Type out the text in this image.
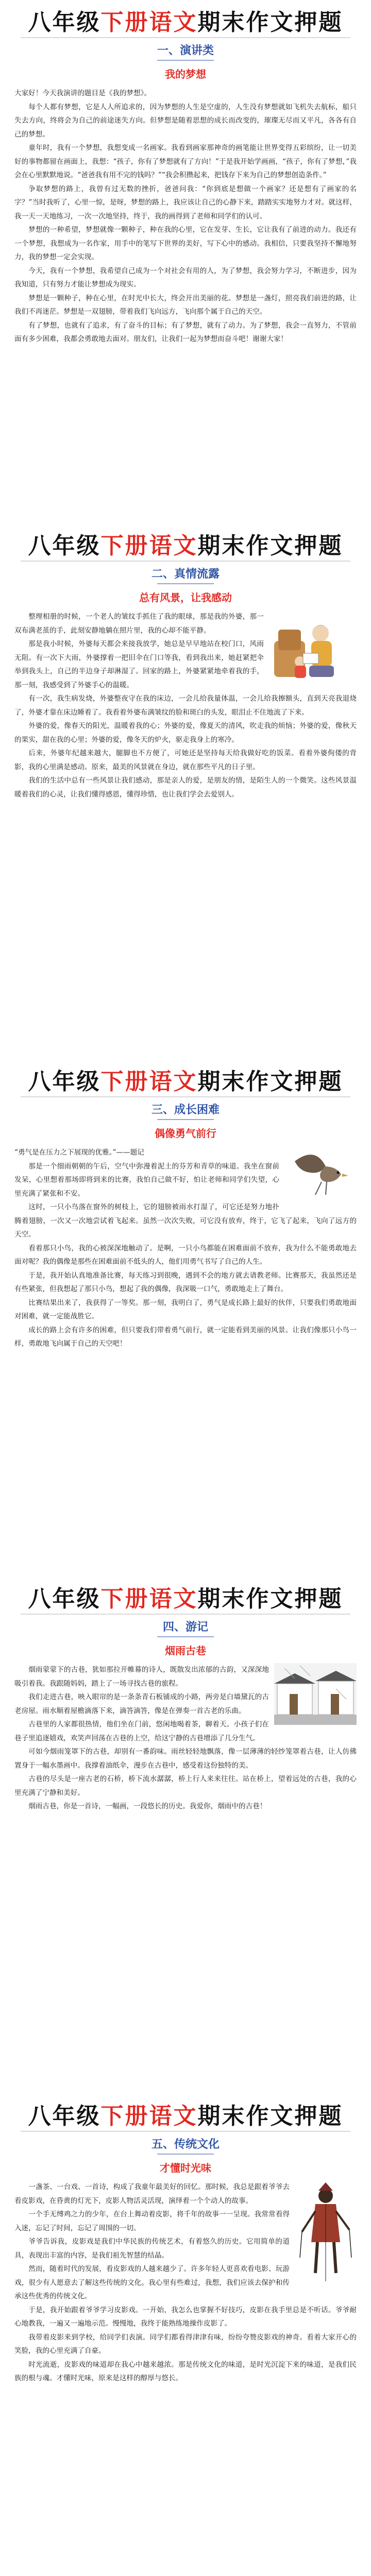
八年级下册语文期末作文押题
一、演讲类
我的梦想

大家好！今天我演讲的题目是《我的梦想》。

每个人都有梦想，它是人人所追求的，因为梦想的人生是空虚的，人生没有梦想就如飞机失去航标，船只失去方向，终将会为自己的前途迷失方向。但梦想是随着思想的成长而改变的，璀璨无尽而又平凡，各各有自己的梦想。

童年时，我有一个梦想，我想变成一名画家。我看到画家那神奇的画笔能让世界变得五彩缤纷，让一切美好的事物都留在画面上，我想：“孩子，你有了梦想就有了方向！”于是我开始学画画，“孩子，你有了梦想，”我会在心里默默地说。“爸爸我有用不完的钱吗？”“我会积攒起来，把钱存下来为自己的梦想创造条件。”

争取梦想的路上，我曾有过无数的挫折，爸爸问我：“你到底是想做一个画家？还是想有了画家的名字？”当时我听了，心里一惊，是呀，梦想的路上，我应该让自己的心静下来，踏踏实实地努力才对。就这样，我一天一天地练习，一次一次地坚持，终于，我的画得到了老师和同学们的认可。

梦想的一种希望，梦想就像一颗种子，种在我的心里，它在发芽、生长，它让我有了前进的动力。我还有一个梦想，我想成为一名作家，用手中的笔写下世界的美好，写下心中的感动。我相信，只要我坚持不懈地努力，我的梦想一定会实现。

今天，我有一个梦想，我希望自己成为一个对社会有用的人，为了梦想，我会努力学习，不断进步，因为我知道，只有努力才能让梦想成为现实。

梦想是一颗种子，种在心里，在时光中长大，终会开出美丽的花。梦想是一盏灯，照亮我们前进的路，让我们不再迷茫。梦想是一双翅膀，带着我们飞向远方，飞向那个属于自己的天空。

有了梦想，也就有了追求，有了奋斗的目标；有了梦想，就有了动力。为了梦想，我会一直努力，不管前面有多少困难，我都会勇敢地去面对。朋友们，让我们一起为梦想而奋斗吧！谢谢大家！

八年级下册语文期末作文押题
二、真情流露
总有风景，让我感动

整理相册的时候，一个老人的皱纹手抓住了我的眼球，那是我的外婆，那一双布满老茧的手，此刻安静地躺在照片里，我的心却不能平静。

那是我小时候，外婆每天都会来接我放学，她总是早早地站在校门口，风雨无阻。有一次下大雨，外婆撑着一把旧伞在门口等我，看到我出来，她赶紧把伞举到我头上，自己的半边身子却淋湿了。回家的路上，外婆紧紧地牵着我的手，那一刻，我感受到了外婆手心的温暖。

有一次，我生病发烧，外婆整夜守在我的床边，一会儿给我量体温，一会儿给我擦额头，直到天亮我退烧了，外婆才靠在床边睡着了。我看着外婆布满皱纹的脸和斑白的头发，眼泪止不住地流了下来。

外婆的爱，像春天的阳光，温暖着我的心；外婆的爱，像夏天的清风，吹走我的烦恼；外婆的爱，像秋天的果实，甜在我的心里；外婆的爱，像冬天的炉火，驱走我身上的寒冷。

后来，外婆年纪越来越大，腿脚也不方便了，可她还是坚持每天给我做好吃的饭菜。看着外婆佝偻的背影，我的心里满是感动。原来，最美的风景就在身边，就在那些平凡的日子里。

我们的生活中总有一些风景让我们感动，那是亲人的爱，是朋友的情，是陌生人的一个微笑。这些风景温暖着我们的心灵，让我们懂得感恩，懂得珍惜，也让我们学会去爱别人。

八年级下册语文期末作文押题
三、成长困难
偶像勇气前行

“勇气是在压力之下展现的优雅。”——题记

那是一个细雨朝朝的午后，空气中弥漫着泥土的芬芳和青草的味道。我坐在窗前发呆，心里想着那场即将到来的比赛，我怕自己做不好，怕让老师和同学们失望，心里充满了紧张和不安。

这时，一只小鸟落在窗外的树枝上，它的翅膀被雨水打湿了，可它还是努力地扑腾着翅膀，一次又一次地尝试着飞起来。虽然一次次失败，可它没有放弃，终于，它飞了起来，飞向了远方的天空。

看着那只小鸟，我的心被深深地触动了。是啊，一只小鸟都能在困难面前不放弃，我为什么不能勇敢地去面对呢？我的偶像是那些在困难面前不低头的人，他们用勇气书写了自己的人生。

于是，我开始认真地准备比赛，每天练习到很晚，遇到不会的地方就去请教老师。比赛那天，我虽然还是有些紧张，但我想起了那只小鸟，想起了我的偶像，我深吸一口气，勇敢地走上了舞台。

比赛结果出来了，我获得了一等奖。那一刻，我明白了，勇气是成长路上最好的伙伴，只要我们勇敢地面对困难，就一定能战胜它。

成长的路上会有许多的困难，但只要我们带着勇气前行，就一定能看到美丽的风景。让我们像那只小鸟一样，勇敢地飞向属于自己的天空吧！

八年级下册语文期末作文押题
四、游记
烟雨古巷

烟雨蒙蒙下的古巷，犹如那拉开帷幕的诗人，既散发出浓郁的古韵，又深深地吸引着我。我跟随妈妈，踏上了一场寻找古巷的旅程。

我们走进古巷，映入眼帘的是一条条青石板铺成的小路，两旁是白墙黛瓦的古老房屋。雨水顺着屋檐滴落下来，滴答滴答，像是在弹奏一首古老的乐曲。

古巷里的人家都很热情，他们坐在门前，悠闲地喝着茶，聊着天。小孩子们在巷子里追逐嬉戏，欢笑声回荡在古巷的上空，给这宁静的古巷增添了几分生气。

可如今烟雨笼罩下的古巷，却别有一番韵味。雨丝轻轻地飘落，像一层薄薄的轻纱笼罩着古巷，让人仿佛置身于一幅水墨画中。我撑着油纸伞，漫步在古巷中，感受着这份独特的美。

古巷的尽头是一座古老的石桥，桥下流水潺潺，桥上行人来来往往。站在桥上，望着远处的古巷，我的心里充满了宁静和美好。

烟雨古巷，你是一首诗，一幅画，一段悠长的历史。我爱你，烟雨中的古巷！

八年级下册语文期末作文押题
五、传统文化
才懂时光味

一盏茶、一台戏、一首诗，构成了我童年最美好的回忆。那时候，我总是跟着爷爷去看皮影戏，在昏黄的灯光下，皮影人物活灵活现，演绎着一个个动人的故事。

一个手无缚鸡之力的少年，在台上舞动着皮影，将千年的故事一一呈现。我常常看得入迷，忘记了时间，忘记了周围的一切。

爷爷告诉我，皮影戏是我们中华民族的传统艺术，有着悠久的历史。它用简单的道具，表现出丰富的内容，是我们祖先智慧的结晶。

然而，随着时代的发展，看皮影戏的人越来越少了。许多年轻人更喜欢看电影、玩游戏，很少有人愿意去了解这些传统的文化。我心里有些难过，我想，我们应该去保护和传承这些优秀的传统文化。

于是，我开始跟着爷爷学习皮影戏。一开始，我怎么也掌握不好技巧，皮影在我手里总是不听话。爷爷耐心地教我，一遍又一遍地示范。慢慢地，我终于能熟练地操作皮影了。

我带着皮影来到学校，给同学们表演。同学们都看得津津有味，纷纷夸赞皮影戏的神奇。看着大家开心的笑脸，我的心里充满了自豪。

时光流逝，皮影戏的味道却在我心中越来越浓。那是传统文化的味道，是时光沉淀下来的味道，是我们民族的根与魂。才懂时光味，原来是这样的醇厚与悠长。
